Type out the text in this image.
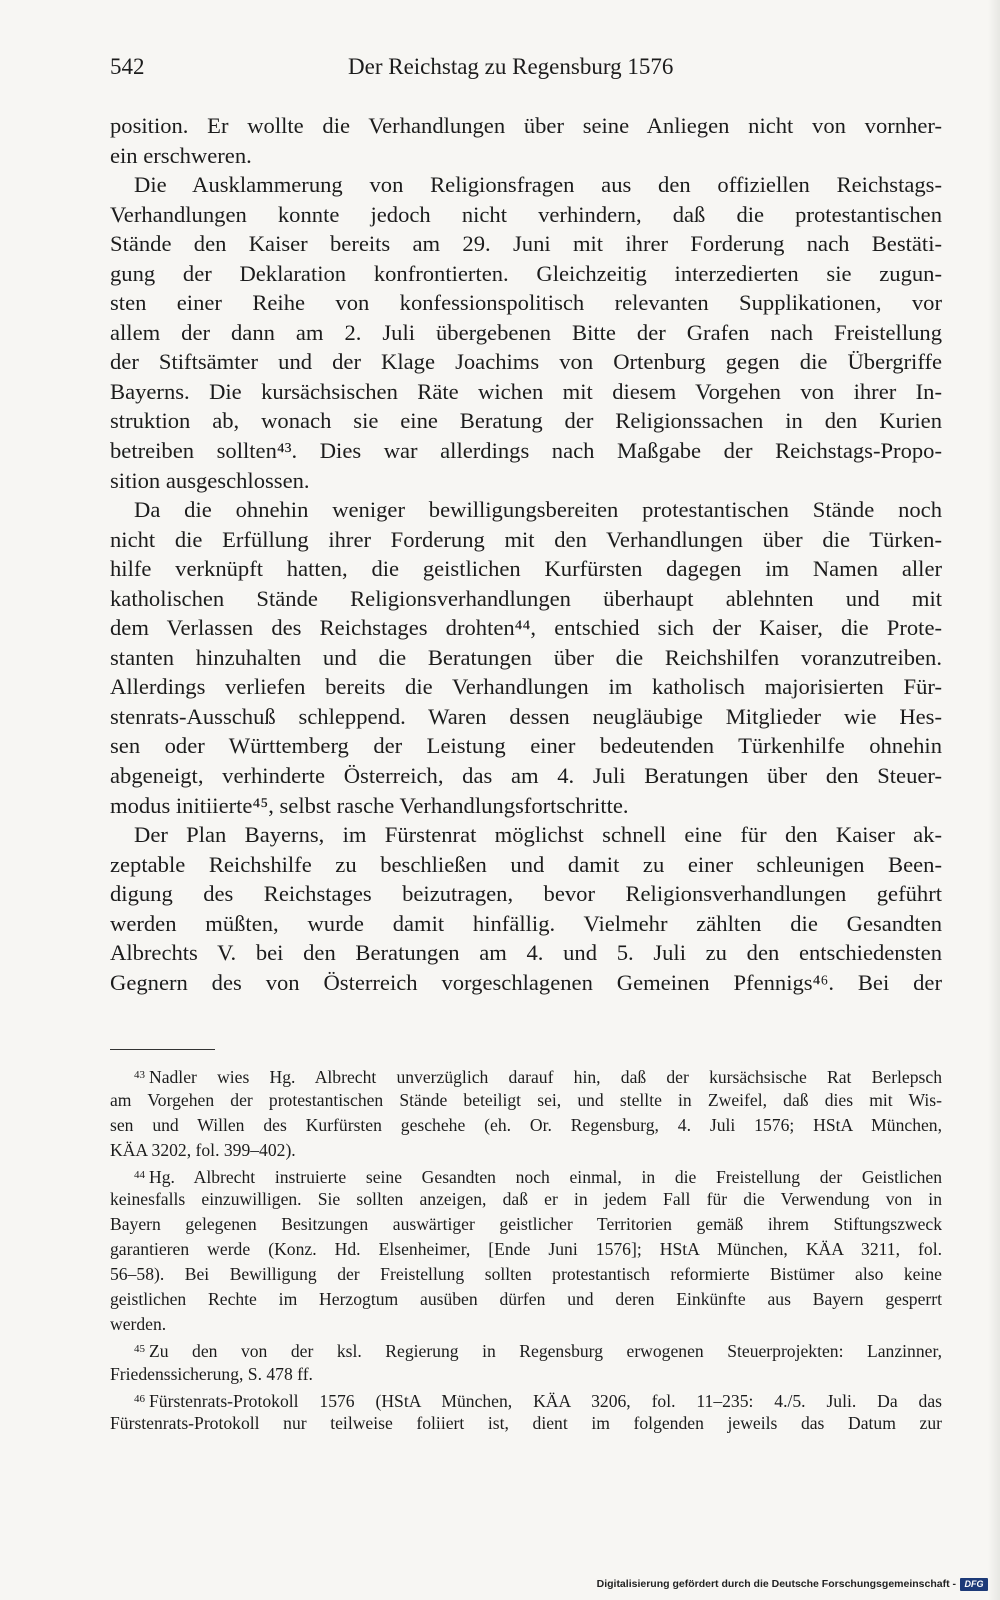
542	Der Reichstag zu Regensburg 1576
position. Er wollte die Verhandlungen über seine Anliegen nicht von vornher-
ein erschweren.
Die Ausklammerung von Religionsfragen aus den offiziellen Reichstags-
Verhandlungen konnte jedoch nicht verhindern, daß die protestantischen
Stände den Kaiser bereits am 29. Juni mit ihrer Forderung nach Bestäti-
gung der Deklaration konfrontierten. Gleichzeitig interzedierten sie zugun-
sten einer Reihe von konfessionspolitisch relevanten Supplikationen, vor
allem der dann am 2. Juli übergebenen Bitte der Grafen nach Freistellung
der Stiftsämter und der Klage Joachims von Ortenburg gegen die Übergriffe
Bayerns. Die kursächsischen Räte wichen mit diesem Vorgehen von ihrer In-
struktion ab, wonach sie eine Beratung der Religionssachen in den Kurien
betreiben sollten⁴³. Dies war allerdings nach Maßgabe der Reichstags-Propo-
sition ausgeschlossen.
Da die ohnehin weniger bewilligungsbereiten protestantischen Stände noch
nicht die Erfüllung ihrer Forderung mit den Verhandlungen über die Türken-
hilfe verknüpft hatten, die geistlichen Kurfürsten dagegen im Namen aller
katholischen Stände Religionsverhandlungen überhaupt ablehnten und mit
dem Verlassen des Reichstages drohten⁴⁴, entschied sich der Kaiser, die Prote-
stanten hinzuhalten und die Beratungen über die Reichshilfen voranzutreiben.
Allerdings verliefen bereits die Verhandlungen im katholisch majorisierten Für-
stenrats-Ausschuß schleppend. Waren dessen neugläubige Mitglieder wie Hes-
sen oder Württemberg der Leistung einer bedeutenden Türkenhilfe ohnehin
abgeneigt, verhinderte Österreich, das am 4. Juli Beratungen über den Steuer-
modus initiierte⁴⁵, selbst rasche Verhandlungsfortschritte.
Der Plan Bayerns, im Fürstenrat möglichst schnell eine für den Kaiser ak-
zeptable Reichshilfe zu beschließen und damit zu einer schleunigen Been-
digung des Reichstages beizutragen, bevor Religionsverhandlungen geführt
werden müßten, wurde damit hinfällig. Vielmehr zählten die Gesandten
Albrechts V. bei den Beratungen am 4. und 5. Juli zu den entschiedensten
Gegnern des von Österreich vorgeschlagenen Gemeinen Pfennigs⁴⁶. Bei der
$^{43}$ Nadler wies Hg. Albrecht unverzüglich darauf hin, daß der kursächsische Rat Berlepsch
am Vorgehen der protestantischen Stände beteiligt sei, und stellte in Zweifel, daß dies mit Wis-
sen und Willen des Kurfürsten geschehe (eh. Or. Regensburg, 4. Juli 1576; HStA München,
KÄA 3202, fol. 399–402).
$^{44}$ Hg. Albrecht instruierte seine Gesandten noch einmal, in die Freistellung der Geistlichen
keinesfalls einzuwilligen. Sie sollten anzeigen, daß er in jedem Fall für die Verwendung von in
Bayern gelegenen Besitzungen auswärtiger geistlicher Territorien gemäß ihrem Stiftungszweck
garantieren werde (Konz. Hd. Elsenheimer, [Ende Juni 1576]; HStA München, KÄA 3211, fol.
56–58). Bei Bewilligung der Freistellung sollten protestantisch reformierte Bistümer also keine
geistlichen Rechte im Herzogtum ausüben dürfen und deren Einkünfte aus Bayern gesperrt
werden.
$^{45}$ Zu den von der ksl. Regierung in Regensburg erwogenen Steuerprojekten: Lanzinner,
Friedenssicherung, S. 478 ff.
$^{46}$ Fürstenrats-Protokoll 1576 (HStA München, KÄA 3206, fol. 11–235: 4./5. Juli. Da das
Fürstenrats-Protokoll nur teilweise foliiert ist, dient im folgenden jeweils das Datum zur
Digitalisierung gefördert durch die Deutsche Forschungsgemeinschaft - DFG
